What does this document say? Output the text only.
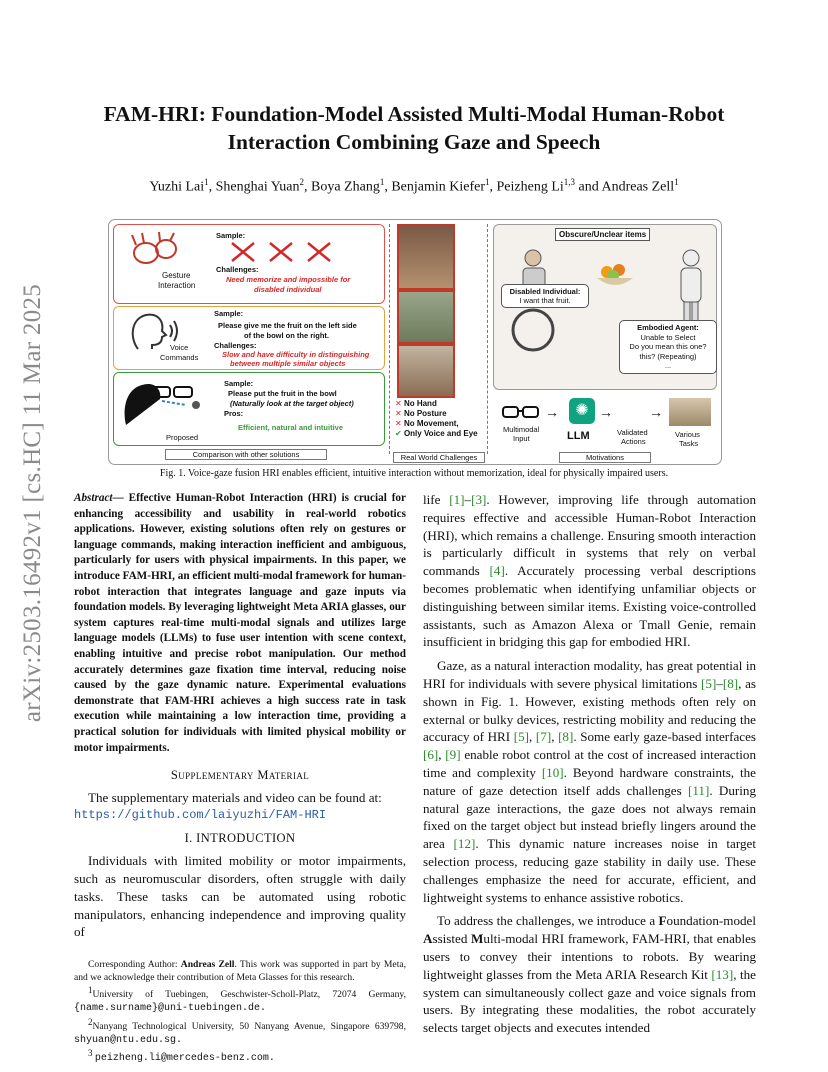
arXiv:2503.16492v1 [cs.HC] 11 Mar 2025
FAM-HRI: Foundation-Model Assisted Multi-Modal Human-Robot
Interaction Combining Gaze and Speech
Yuzhi Lai$^1$, Shenghai Yuan$^2$, Boya Zhang$^1$, Benjamin Kiefer$^1$, Peizheng Li$^{1,3}$ and Andreas Zell$^1$
Gesture
Interaction
Sample:
Challenges:
Need memorize and impossible for
disabled individual
Voice
Commands
Sample:
Please give me the fruit on the left side
of the bowl on the right.
Challenges:
Slow and have difficulty in distinguishing
between multiple similar objects
Proposed
Sample:
Please put the fruit in the bowl
(Naturally look at the target object)
Pros:
Efficient, natural and intuitive
Comparison with other solutions
✕ No Hand
✕ No Posture
✕ No Movement,
✔ Only Voice and Eye
Real World Challenges
Obscure/Unclear items
Disabled Individual:
I want that fruit.
Embodied Agent:
Unable to Select
Do you mean this one?
this? (Repeating)
...
Multimodal
Input
✺
LLM
→	→
Validated
Actions
→
Various
Tasks
Motivations
Fig. 1. Voice-gaze fusion HRI enables efficient, intuitive interaction without memorization, ideal for physically impaired users.
Abstract— Effective Human-Robot Interaction (HRI) is crucial for enhancing accessibility and usability in real-world robotics applications. However, existing solutions often rely on gestures or language commands, making interaction inefficient and ambiguous, particularly for users with physical impairments. In this paper, we introduce FAM-HRI, an efficient multi-modal framework for human-robot interaction that integrates language and gaze inputs via foundation models. By leveraging lightweight Meta ARIA glasses, our system captures real-time multi-modal signals and utilizes large language models (LLMs) to fuse user intention with scene context, enabling intuitive and precise robot manipulation. Our method accurately determines gaze fixation time interval, reducing noise caused by the gaze dynamic nature. Experimental evaluations demonstrate that FAM-HRI achieves a high success rate in task execution while maintaining a low interaction time, providing a practical solution for individuals with limited physical mobility or motor impairments.
Supplementary Material

The supplementary materials and video can be found at:

https://github.com/laiyuzhi/FAM-HRI
I. INTRODUCTION

Individuals with limited mobility or motor impairments, such as neuromuscular disorders, often struggle with daily tasks. These tasks can be automated using robotic manipulators, enhancing independence and improving quality of

Corresponding Author: Andreas Zell. This work was supported in part by Meta, and we acknowledge their contribution of Meta Glasses for this research.
$^1$University of Tuebingen, Geschwister-Scholl-Platz, 72074 Germany, {name.surname}@uni-tuebingen.de.
$^2$Nanyang Technological University, 50 Nanyang Avenue, Singapore 639798, shyuan@ntu.edu.sg.
$^3$ peizheng.li@mercedes-benz.com.

life [1]–[3]. However, improving life through automation requires effective and accessible Human-Robot Interaction (HRI), which remains a challenge. Ensuring smooth interaction is particularly difficult in systems that rely on verbal commands [4]. Accurately processing verbal descriptions becomes problematic when identifying unfamiliar objects or distinguishing between similar items. Existing voice-controlled assistants, such as Amazon Alexa or Tmall Genie, remain insufficient in bridging this gap for embodied HRI.

Gaze, as a natural interaction modality, has great potential in HRI for individuals with severe physical limitations [5]–[8], as shown in Fig. 1. However, existing methods often rely on external or bulky devices, restricting mobility and reducing the accuracy of HRI [5], [7], [8]. Some early gaze-based interfaces [6], [9] enable robot control at the cost of increased interaction time and complexity [10]. Beyond hardware constraints, the nature of gaze detection itself adds challenges [11]. During natural gaze interactions, the gaze does not always remain fixed on the target object but instead briefly lingers around the area [12]. This dynamic nature increases noise in target selection process, reducing gaze stability in daily use. These challenges emphasize the need for accurate, efficient, and lightweight systems to enhance assistive robotics.

To address the challenges, we introduce a Foundation-model Assisted Multi-modal HRI framework, FAM-HRI, that enables users to convey their intentions to robots. By wearing lightweight glasses from the Meta ARIA Research Kit [13], the system can simultaneously collect gaze and voice signals from users. By integrating these modalities, the robot accurately selects target objects and executes intended
